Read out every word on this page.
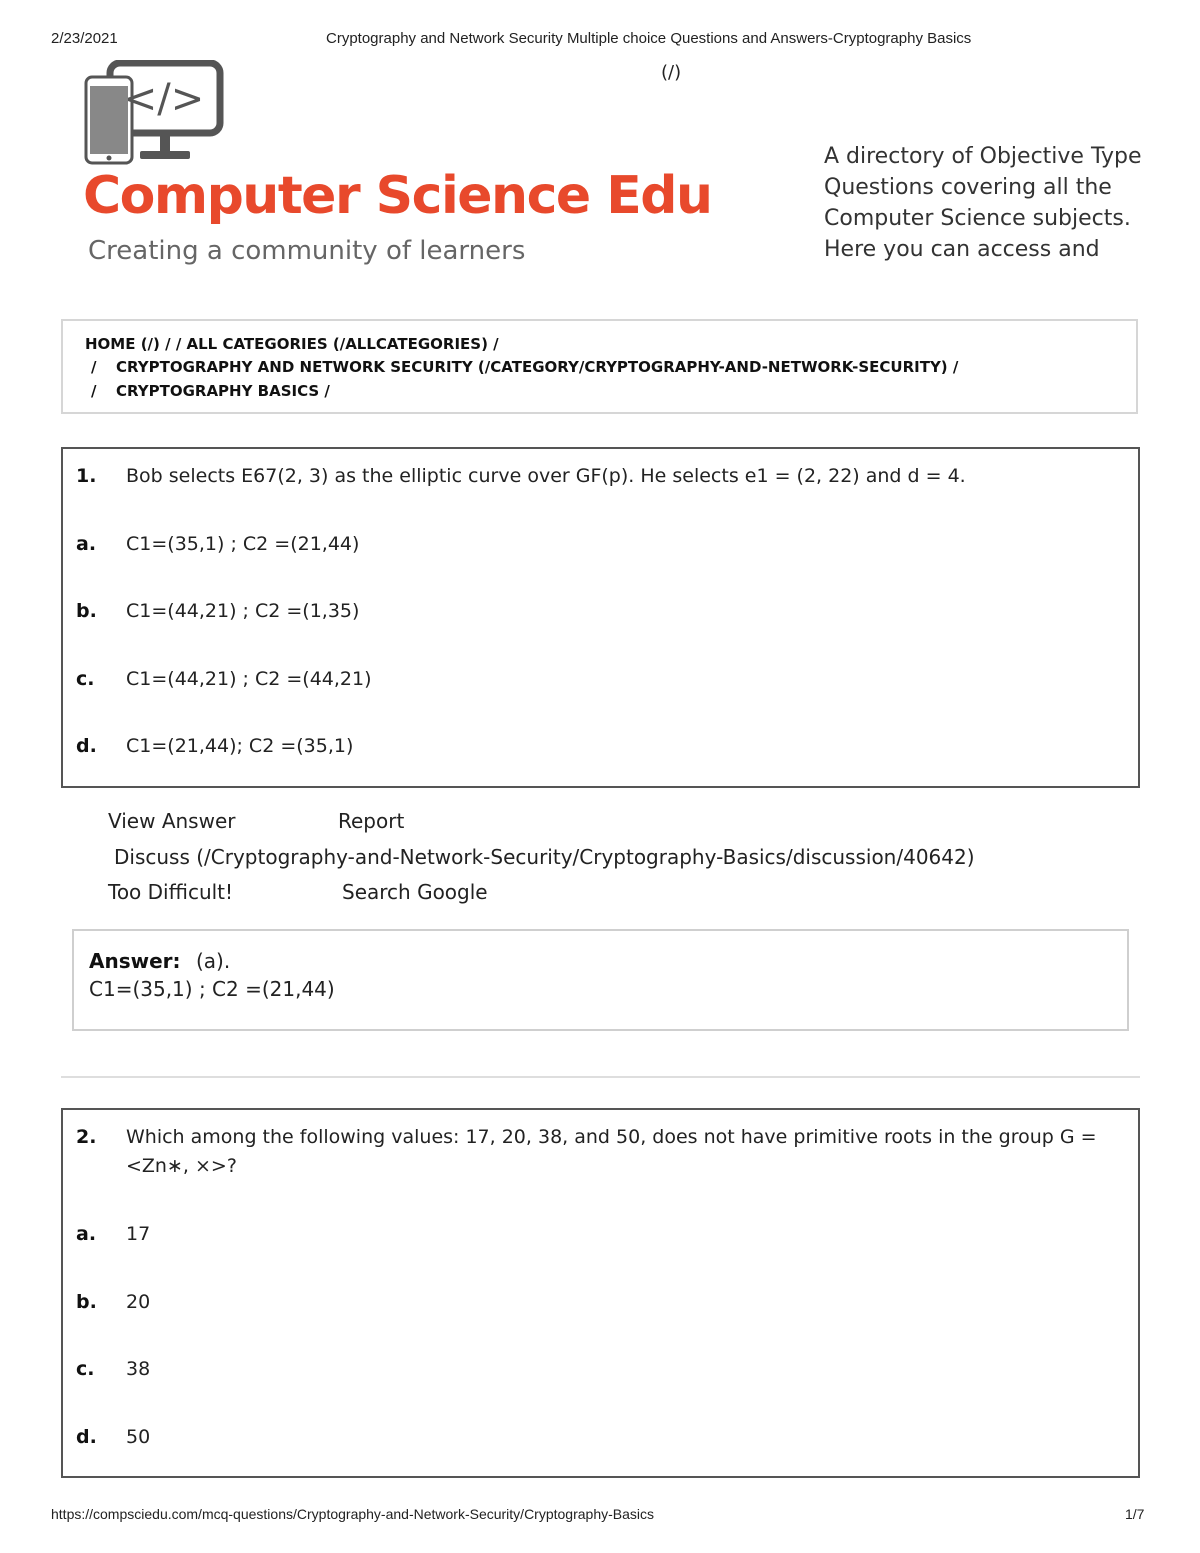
2/23/2021	Cryptography and Network Security Multiple choice Questions and Answers-Cryptography Basics
(/)
</>
Computer Science Edu
Creating a community of learners
A directory of Objective Type
Questions covering all the
Computer Science subjects.
Here you can access and
HOME (/) / / ALL CATEGORIES (/ALLCATEGORIES) /
/ CRYPTOGRAPHY AND NETWORK SECURITY (/CATEGORY/CRYPTOGRAPHY-AND-NETWORK-SECURITY) /
/ CRYPTOGRAPHY BASICS /
1. Bob selects E67(2, 3) as the elliptic curve over GF(p). He selects e1 = (2, 22) and d = 4.
a. C1=(35,1) ; C2 =(21,44)
b. C1=(44,21) ; C2 =(1,35)
c. C1=(44,21) ; C2 =(44,21)
d. C1=(21,44); C2 =(35,1)
View Answer	Report
Discuss (/Cryptography-and-Network-Security/Cryptography-Basics/discussion/40642)
Too Difficult!	Search Google
Answer: (a).
C1=(35,1) ; C2 =(21,44)
2. Which among the following values: 17, 20, 38, and 50, does not have primitive roots in the group G =
<Zn∗, ×>?
a. 17
b. 20
c. 38
d. 50
https://compsciedu.com/mcq-questions/Cryptography-and-Network-Security/Cryptography-Basics	1/7
